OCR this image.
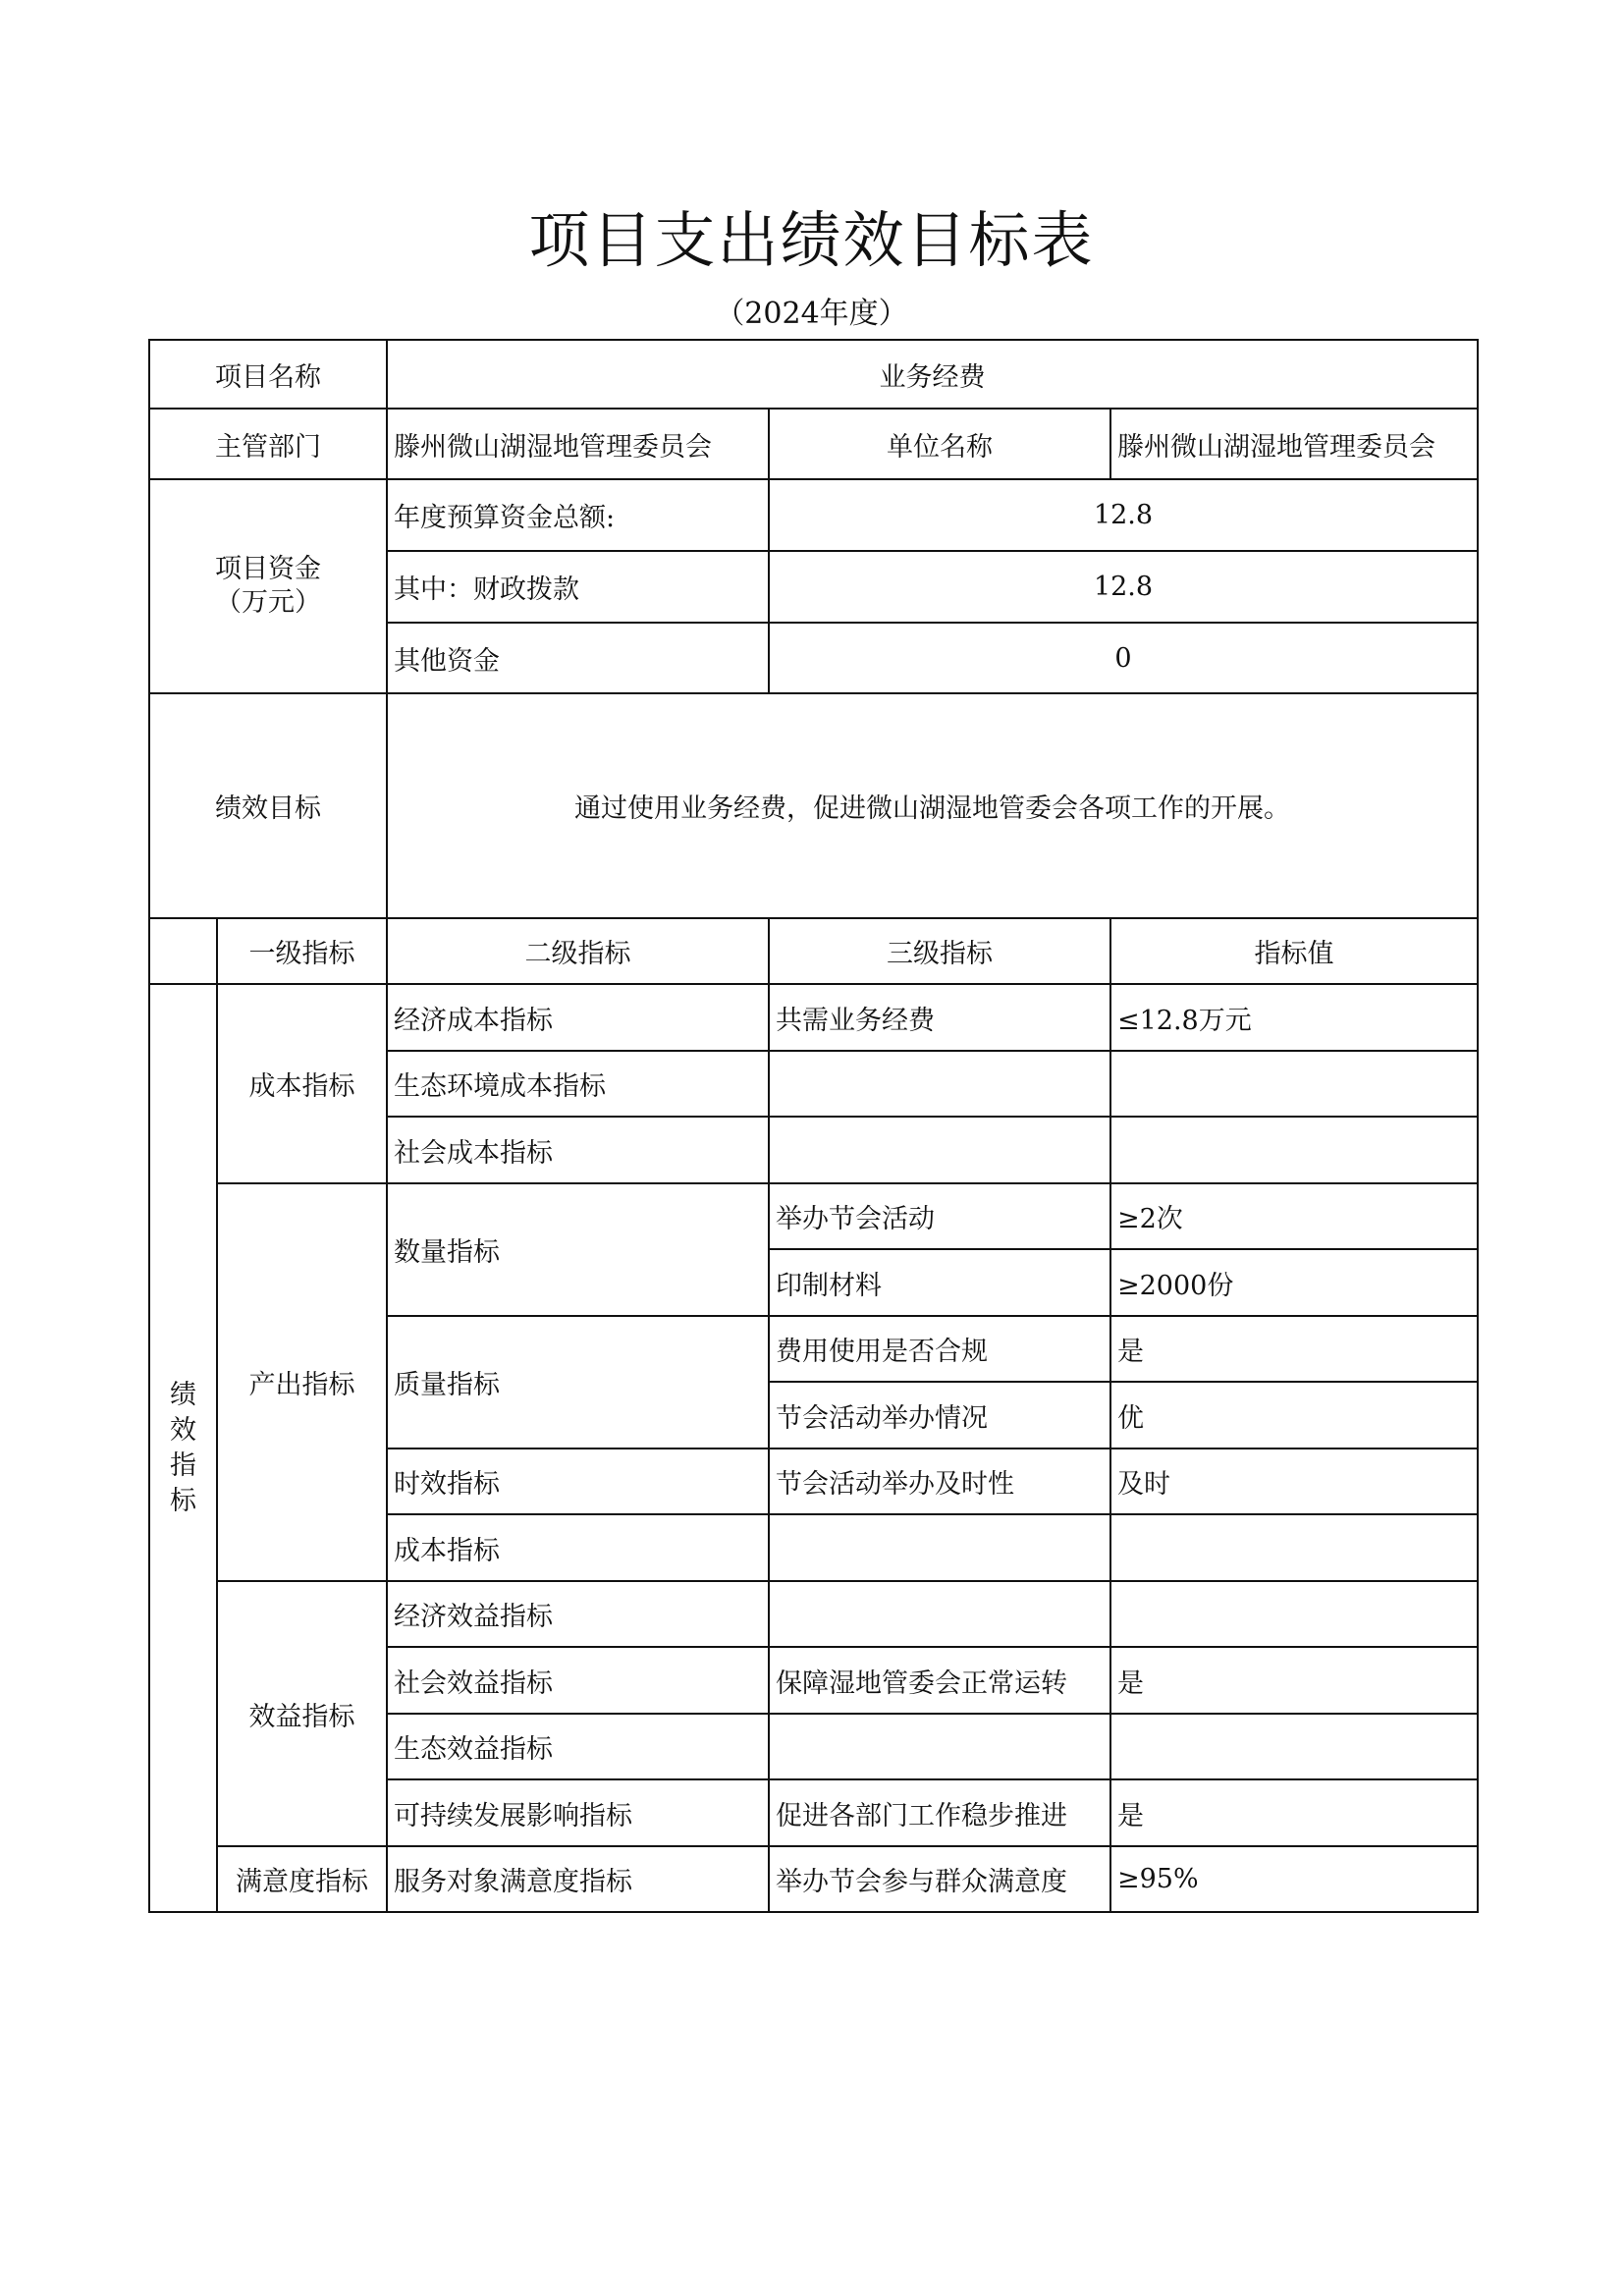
项目支出绩效目标表
（2024年度）
项目名称		业务经费		
主管部门		滕州微山湖湿地管理委员会	单位名称	滕州微山湖湿地管理委员会

项目资金
（万元）		年度预算资金总额:	12.8	
		其中：财政拨款	12.8	
		其他资金	0	
绩效目标		通过使用业务经费，促进微山湖湿地管委会各项工作的开展。		
	一级指标	二级指标	三级指标	指标值

绩
效
指
标	成本指标	经济成本指标	共需业务经费	≤12.8万元
		生态环境成本指标		
		社会成本指标		
	产出指标	数量指标	举办节会活动	≥2次
			印制材料	≥2000份
		质量指标	费用使用是否合规	是
			节会活动举办情况	优
		时效指标	节会活动举办及时性	及时
		成本指标		
	效益指标	经济效益指标		
		社会效益指标	保障湿地管委会正常运转	是
		生态效益指标		
		可持续发展影响指标	促进各部门工作稳步推进	是
	满意度指标	服务对象满意度指标	举办节会参与群众满意度	≥95%
